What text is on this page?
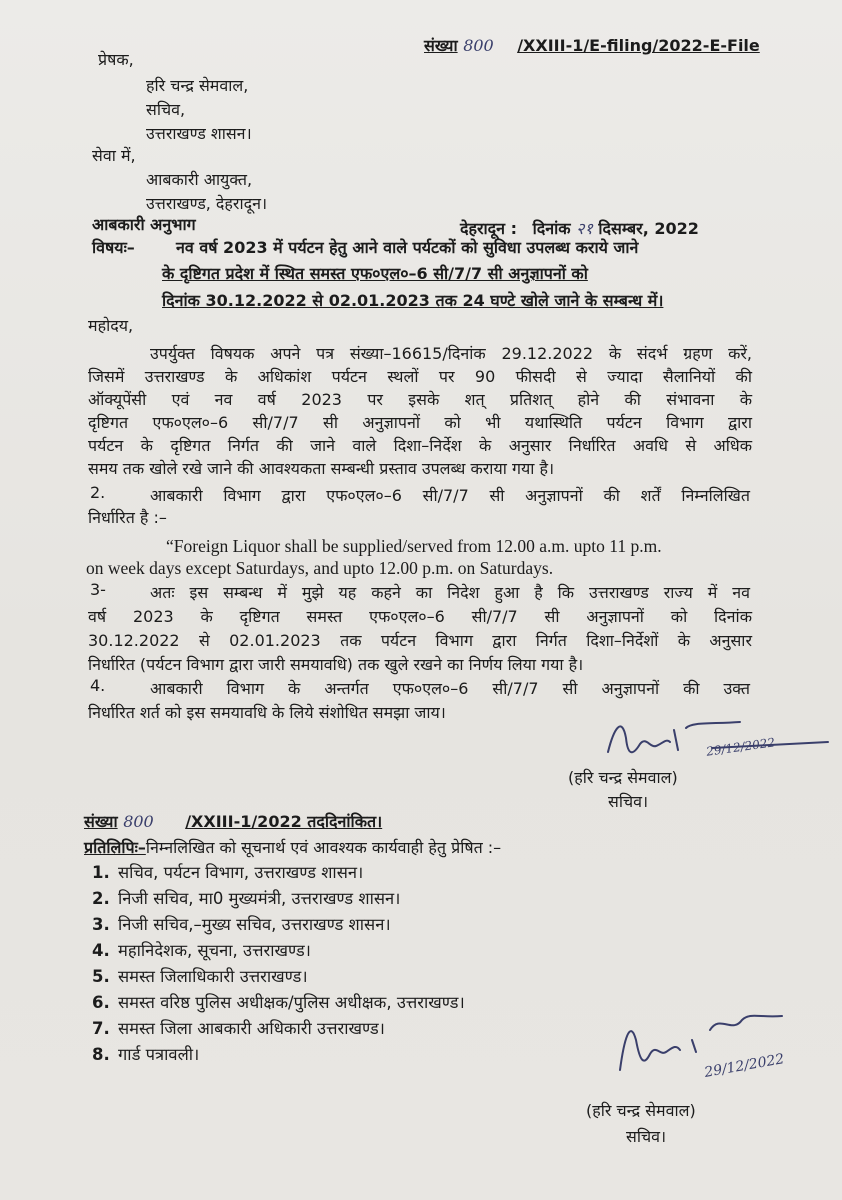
संख्या 800 /XXIII-1/E-filing/2022-E-File
प्रेषक,
हरि चन्द्र सेमवाल,
सचिव,
उत्तराखण्ड शासन।
सेवा में,
आबकारी आयुक्त,
उत्तराखण्ड, देहरादून।
आबकारी अनुभाग	देहरादून : दिनांक २१ दिसम्बर, 2022
विषयः–	नव वर्ष 2023 में पर्यटन हेतु आने वाले पर्यटकों को सुविधा उपलब्ध कराये जाने
के दृष्टिगत प्रदेश में स्थित समस्त एफ०एल०–6 सी/7/7 सी अनुज्ञापनों को
दिनांक 30.12.2022 से 02.01.2023 तक 24 घण्टे खोले जाने के सम्बन्ध में।
महोदय,
उपर्युक्त विषयक अपने पत्र संख्या–16615/दिनांक 29.12.2022 के संदर्भ ग्रहण करें,
जिसमें उत्तराखण्ड के अधिकांश पर्यटन स्थलों पर 90 फीसदी से ज्यादा सैलानियों की
ऑक्यूपेंसी एवं नव वर्ष 2023 पर इसके शत् प्रतिशत् होने की संभावना के
दृष्टिगत एफ०एल०–6 सी/7/7 सी अनुज्ञापनों को भी यथास्थिति पर्यटन विभाग द्वारा
पर्यटन के दृष्टिगत निर्गत की जाने वाले दिशा–निर्देश के अनुसार निर्धारित अवधि से अधिक
समय तक खोले रखे जाने की आवश्यकता सम्बन्धी प्रस्ताव उपलब्ध कराया गया है।
2.	आबकारी विभाग द्वारा एफ०एल०–6 सी/7/7 सी अनुज्ञापनों की शर्तें निम्नलिखित
निर्धारित है :–
“Foreign Liquor shall be supplied/served from 12.00 a.m. upto 11 p.m.
on week days except Saturdays, and upto 12.00 p.m. on Saturdays.
3-	अतः इस सम्बन्ध में मुझे यह कहने का निदेश हुआ है कि उत्तराखण्ड राज्य में नव
वर्ष 2023 के दृष्टिगत समस्त एफ०एल०–6 सी/7/7 सी अनुज्ञापनों को दिनांक
30.12.2022 से 02.01.2023 तक पर्यटन विभाग द्वारा निर्गत दिशा–निर्देशों के अनुसार
निर्धारित (पर्यटन विभाग द्वारा जारी समयावधि) तक खुले रखने का निर्णय लिया गया है।
4.	आबकारी विभाग के अन्तर्गत एफ०एल०–6 सी/7/7 सी अनुज्ञापनों की उक्त
निर्धारित शर्त को इस समयावधि के लिये संशोधित समझा जाय।
29/12/2022
(हरि चन्द्र सेमवाल)
सचिव।
संख्या 800 /XXIII-1/2022 तददिनांकित।
प्रतिलिपिः–निम्नलिखित को सूचनार्थ एवं आवश्यक कार्यवाही हेतु प्रेषित :–
1. सचिव, पर्यटन विभाग, उत्तराखण्ड शासन।
2. निजी सचिव, मा0 मुख्यमंत्री, उत्तराखण्ड शासन।
3. निजी सचिव,–मुख्य सचिव, उत्तराखण्ड शासन।
4. महानिदेशक, सूचना, उत्तराखण्ड।
5. समस्त जिलाधिकारी उत्तराखण्ड।
6. समस्त वरिष्ठ पुलिस अधीक्षक/पुलिस अधीक्षक, उत्तराखण्ड।
7. समस्त जिला आबकारी अधिकारी उत्तराखण्ड।
8. गार्ड पत्रावली।	29/12/2022
(हरि चन्द्र सेमवाल)
सचिव।
